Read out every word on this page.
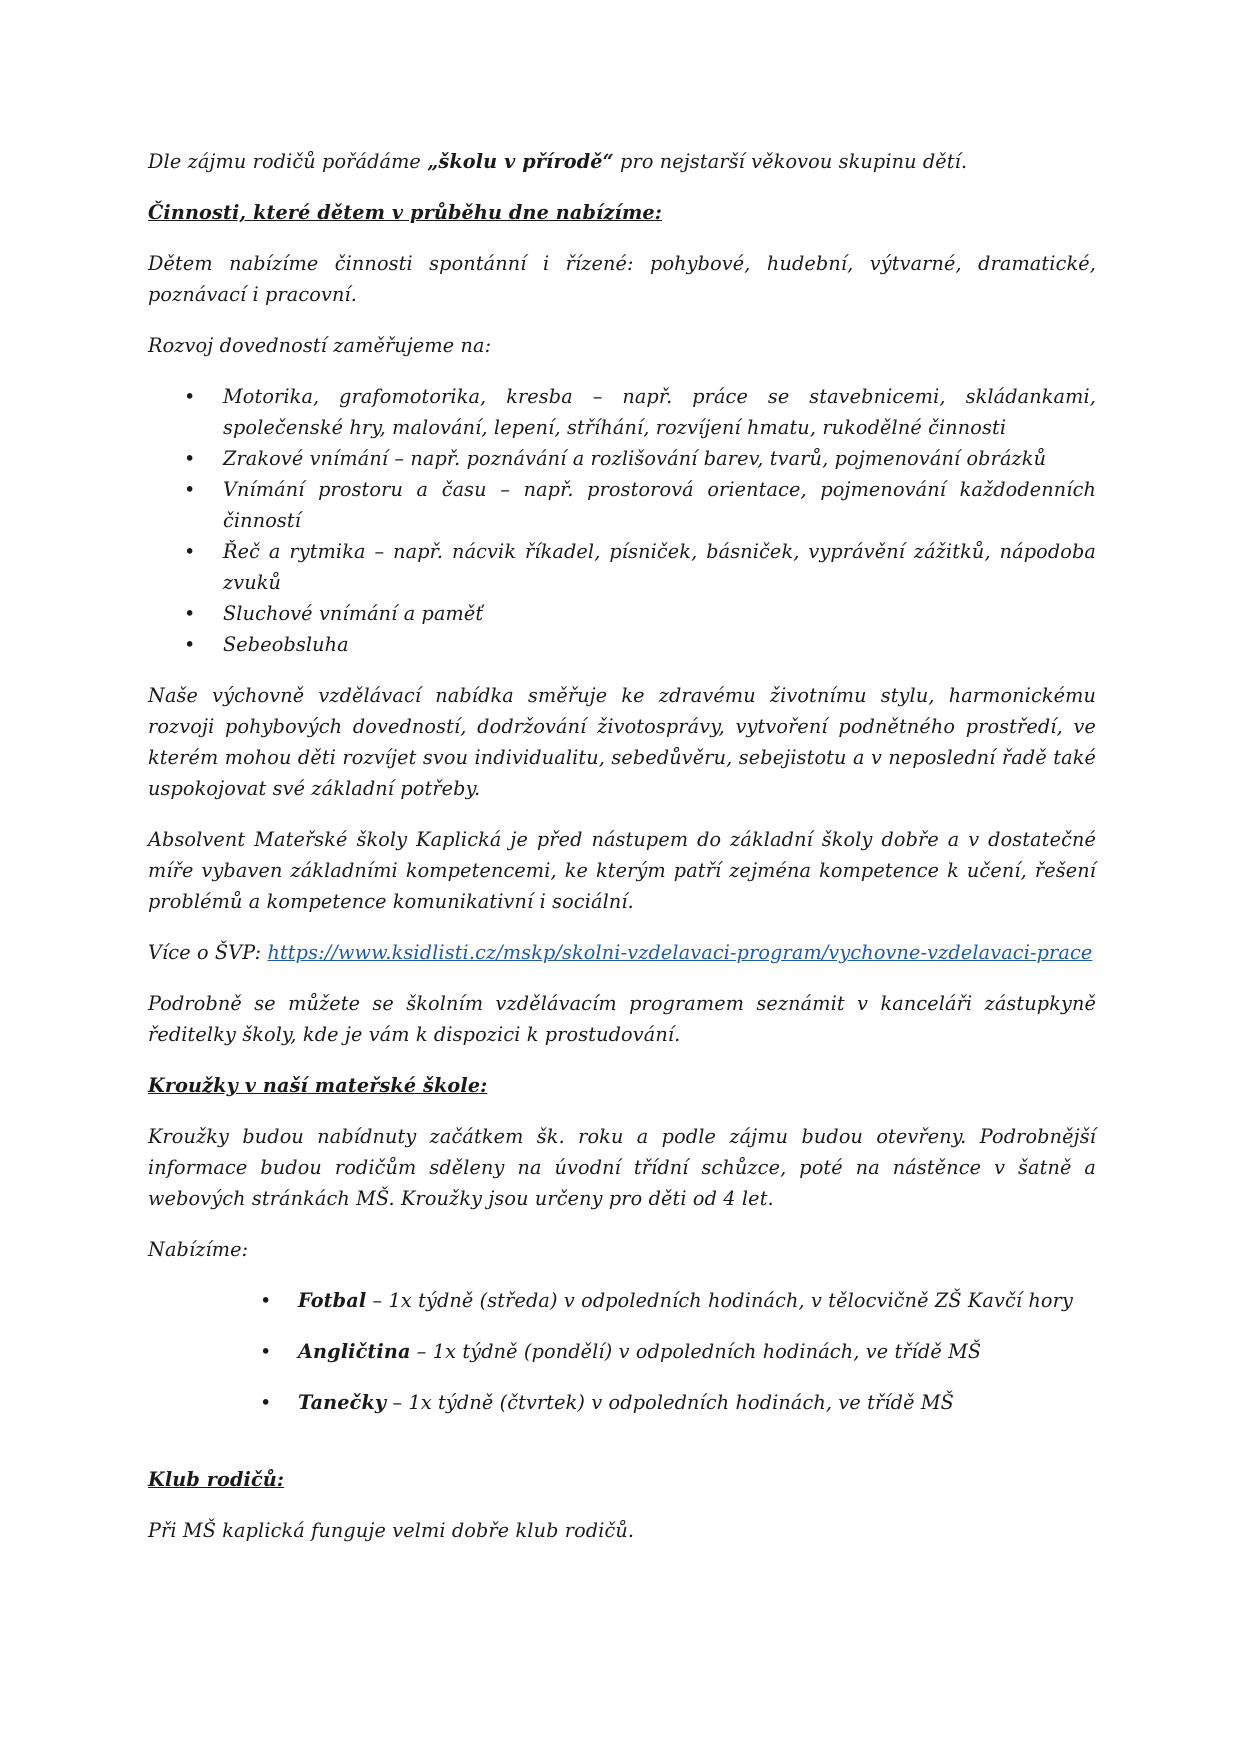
Dle zájmu rodičů pořádáme „školu v přírodě“ pro nejstarší věkovou skupinu dětí.

Činnosti, které dětem v průběhu dne nabízíme:

Dětem nabízíme činnosti spontánní i řízené: pohybové, hudební, výtvarné, dramatické, poznávací i pracovní.

Rozvoj dovedností zaměřujeme na:

• Motorika, grafomotorika, kresba – např. práce se stavebnicemi, skládankami, společenské hry, malování, lepení, stříhání, rozvíjení hmatu, rukodělné činnosti
• Zrakové vnímání – např. poznávání a rozlišování barev, tvarů, pojmenování obrázků
• Vnímání prostoru a času – např. prostorová orientace, pojmenování každodenních činností
• Řeč a rytmika – např. nácvik říkadel, písniček, básniček, vyprávění zážitků, nápodoba zvuků
• Sluchové vnímání a paměť
• Sebeobsluha

Naše výchovně vzdělávací nabídka směřuje ke zdravému životnímu stylu, harmonickému rozvoji pohybových dovedností, dodržování životosprávy, vytvoření podnětného prostředí, ve kterém mohou děti rozvíjet svou individualitu, sebedůvěru, sebejistotu a v neposlední řadě také uspokojovat své základní potřeby.

Absolvent Mateřské školy Kaplická je před nástupem do základní školy dobře a v dostatečné míře vybaven základními kompetencemi, ke kterým patří zejména kompetence k učení, řešení problémů a kompetence komunikativní i sociální.

Více o ŠVP: https://www.ksidlisti.cz/mskp/skolni-vzdelavaci-program/vychovne-vzdelavaci-prace

Podrobně se můžete se školním vzdělávacím programem seznámit v kanceláři zástupkyně ředitelky školy, kde je vám k dispozici k prostudování.

Kroužky v naší mateřské škole:

Kroužky budou nabídnuty začátkem šk. roku a podle zájmu budou otevřeny. Podrobnější informace budou rodičům sděleny na úvodní třídní schůzce, poté na nástěnce v šatně a webových stránkách MŠ. Kroužky jsou určeny pro děti od 4 let.

Nabízíme:

• Fotbal – 1x týdně (středa) v odpoledních hodinách, v tělocvičně ZŠ Kavčí hory
• Angličtina – 1x týdně (pondělí) v odpoledních hodinách, ve třídě MŠ
• Tanečky – 1x týdně (čtvrtek) v odpoledních hodinách, ve třídě MŠ

Klub rodičů:

Při MŠ kaplická funguje velmi dobře klub rodičů.
